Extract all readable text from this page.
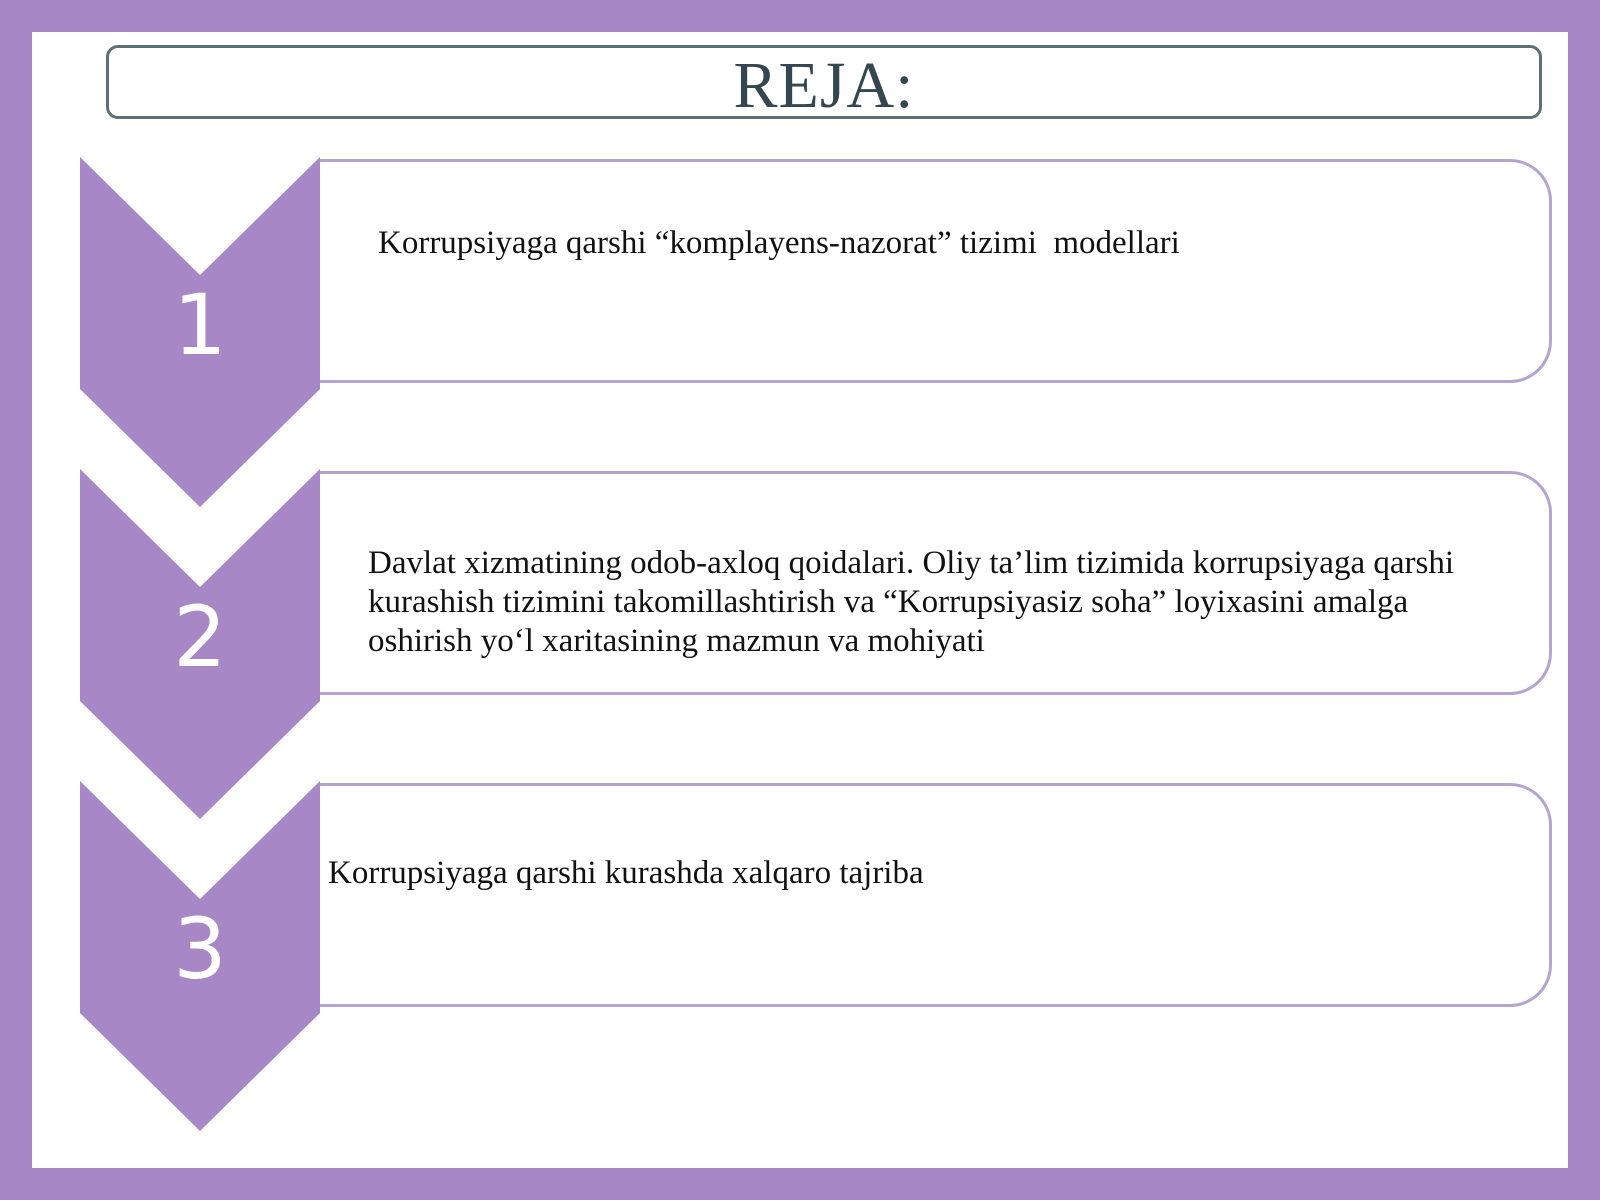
REJA:
Korrupsiyaga qarshi “komplayens-nazorat” tizimi  modellari
1
Davlat xizmatining odob-axloq qoidalari. Oliy ta’lim tizimida korrupsiyaga qarshi kurashish tizimini takomillashtirish va “Korrupsiyasiz soha” loyixasini amalga oshirish yo‘l xaritasining mazmun va mohiyati
2
Korrupsiyaga qarshi kurashda xalqaro tajriba
3
